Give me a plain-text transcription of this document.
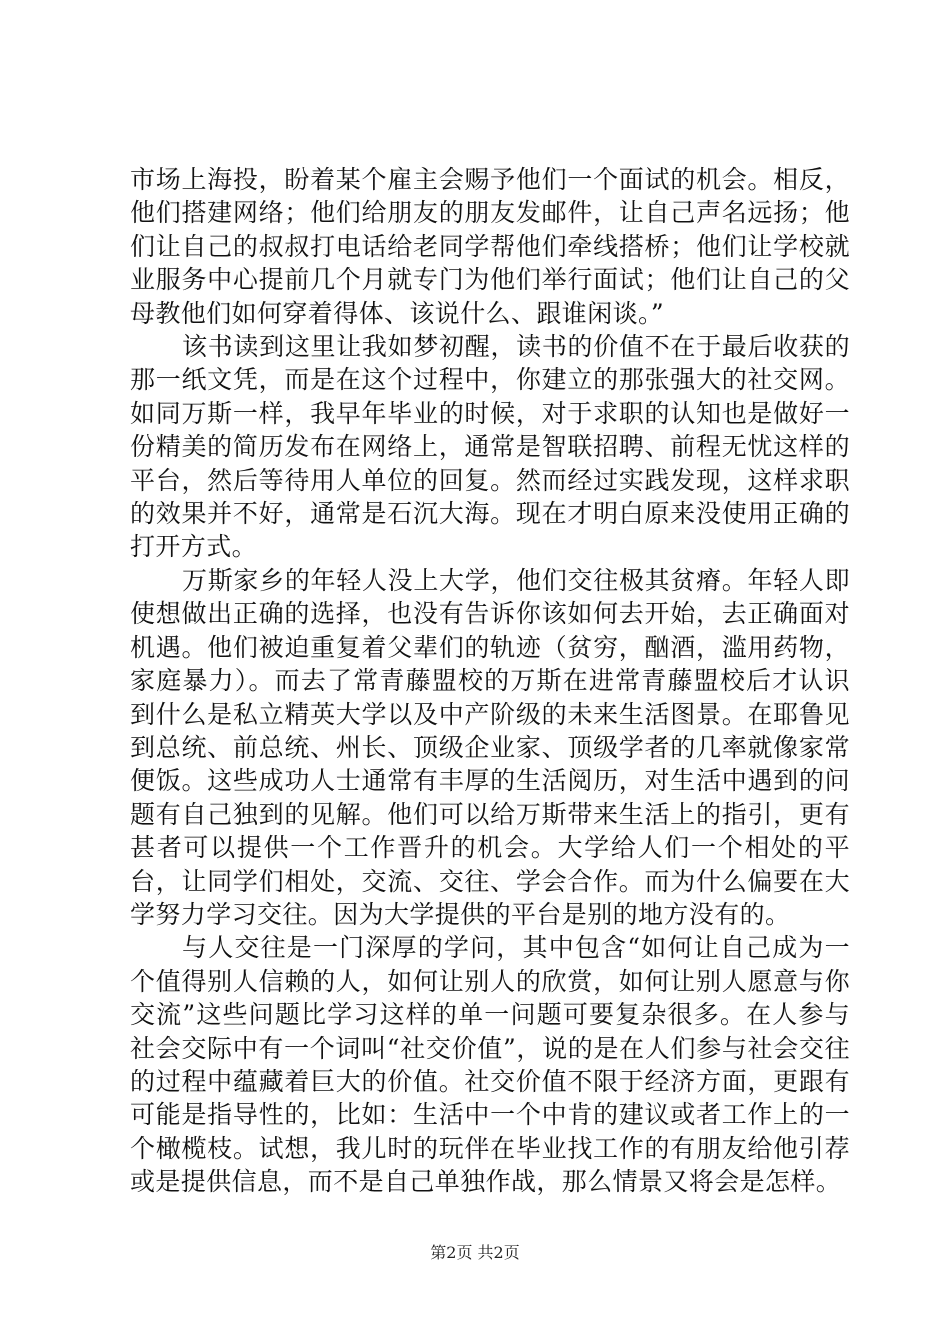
市场上海投，盼着某个雇主会赐予他们一个面试的机会。相反，他们搭建网络；他们给朋友的朋友发邮件，让自己声名远扬；他们让自己的叔叔打电话给老同学帮他们牵线搭桥；他们让学校就业服务中心提前几个月就专门为他们举行面试；他们让自己的父母教他们如何穿着得体、该说什么、跟谁闲谈。”

该书读到这里让我如梦初醒，读书的价值不在于最后收获的那一纸文凭，而是在这个过程中，你建立的那张强大的社交网。如同万斯一样，我早年毕业的时候，对于求职的认知也是做好一份精美的简历发布在网络上，通常是智联招聘、前程无忧这样的平台，然后等待用人单位的回复。然而经过实践发现，这样求职的效果并不好，通常是石沉大海。现在才明白原来没使用正确的打开方式。

万斯家乡的年轻人没上大学，他们交往极其贫瘠。年轻人即使想做出正确的选择，也没有告诉你该如何去开始，去正确面对机遇。他们被迫重复着父辈们的轨迹（贫穷，酗酒，滥用药物，家庭暴力）。而去了常青藤盟校的万斯在进常青藤盟校后才认识到什么是私立精英大学以及中产阶级的未来生活图景。在耶鲁见到总统、前总统、州长、顶级企业家、顶级学者的几率就像家常便饭。这些成功人士通常有丰厚的生活阅历，对生活中遇到的问题有自己独到的见解。他们可以给万斯带来生活上的指引，更有甚者可以提供一个工作晋升的机会。大学给人们一个相处的平台，让同学们相处，交流、交往、学会合作。而为什么偏要在大学努力学习交往。因为大学提供的平台是别的地方没有的。

与人交往是一门深厚的学问，其中包含“如何让自己成为一个值得别人信赖的人，如何让别人的欣赏，如何让别人愿意与你交流”这些问题比学习这样的单一问题可要复杂很多。在人参与社会交际中有一个词叫“社交价值”，说的是在人们参与社会交往的过程中蕴藏着巨大的价值。社交价值不限于经济方面，更跟有可能是指导性的，比如：生活中一个中肯的建议或者工作上的一个橄榄枝。试想，我儿时的玩伴在毕业找工作的有朋友给他引荐或是提供信息，而不是自己单独作战，那么情景又将会是怎样。

第2页 共2页
